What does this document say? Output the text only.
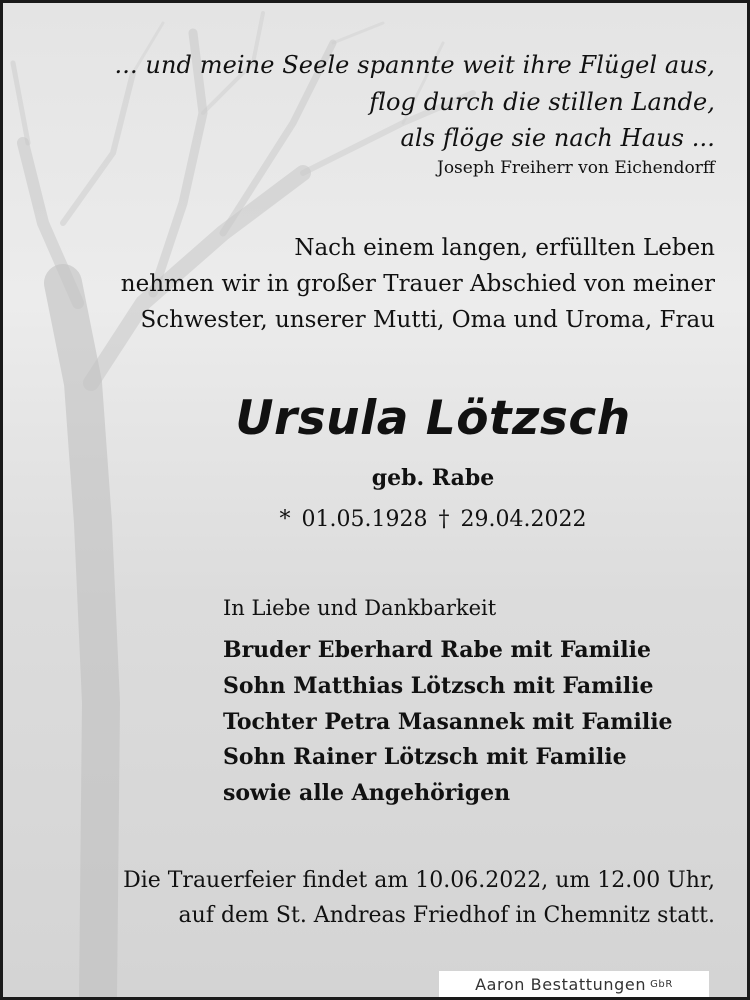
... und meine Seele spannte weit ihre Flügel aus,
flog durch die stillen Lande,
als flöge sie nach Haus ...
Joseph Freiherr von Eichendorff
Nach einem langen, erfüllten Leben
nehmen wir in großer Trauer Abschied von meiner
Schwester, unserer Mutti, Oma und Uroma, Frau
Ursula Lötzsch
geb. Rabe
* 01.05.1928 † 29.04.2022
In Liebe und Dankbarkeit
Bruder Eberhard Rabe mit Familie
Sohn Matthias Lötzsch mit Familie
Tochter Petra Masannek mit Familie
Sohn Rainer Lötzsch mit Familie
sowie alle Angehörigen
Die Trauerfeier findet am 10.06.2022, um 12.00 Uhr,
auf dem St. Andreas Friedhof in Chemnitz statt.
Aaron Bestattungen GbR
